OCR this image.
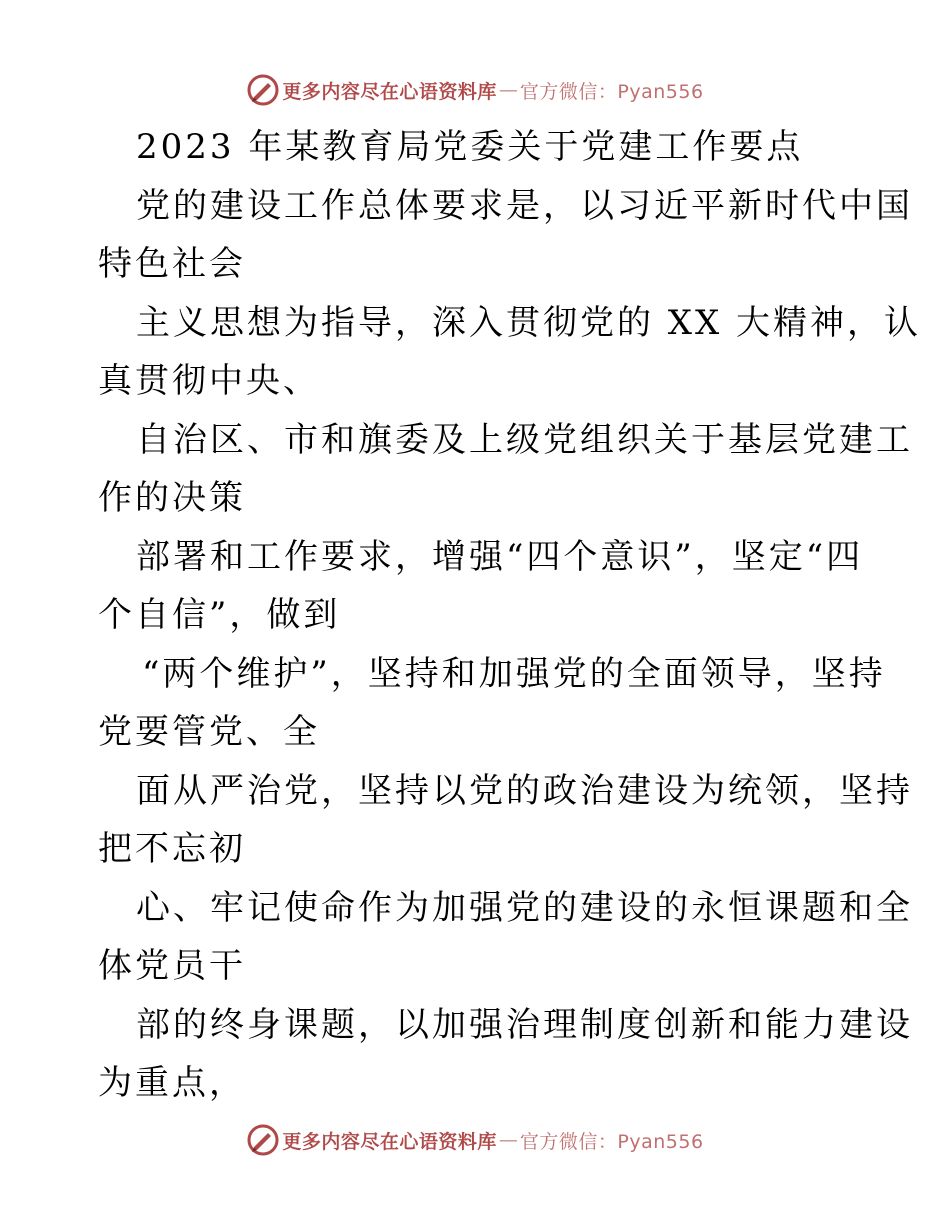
更多内容尽在心语资料库 — 官方微信：Pyan556
2023 年某教育局党委关于党建工作要点
党的建设工作总体要求是，以习近平新时代中国
特色社会
主义思想为指导，深入贯彻党的 XX 大精神，认
真贯彻中央、
自治区、市和旗委及上级党组织关于基层党建工
作的决策
部署和工作要求，增强“四个意识”，坚定“四
个自信”，做到
“两个维护”，坚持和加强党的全面领导，坚持
党要管党、全
面从严治党，坚持以党的政治建设为统领，坚持
把不忘初
心、牢记使命作为加强党的建设的永恒课题和全
体党员干
部的终身课题，以加强治理制度创新和能力建设
为重点，
更多内容尽在心语资料库 — 官方微信：Pyan556
